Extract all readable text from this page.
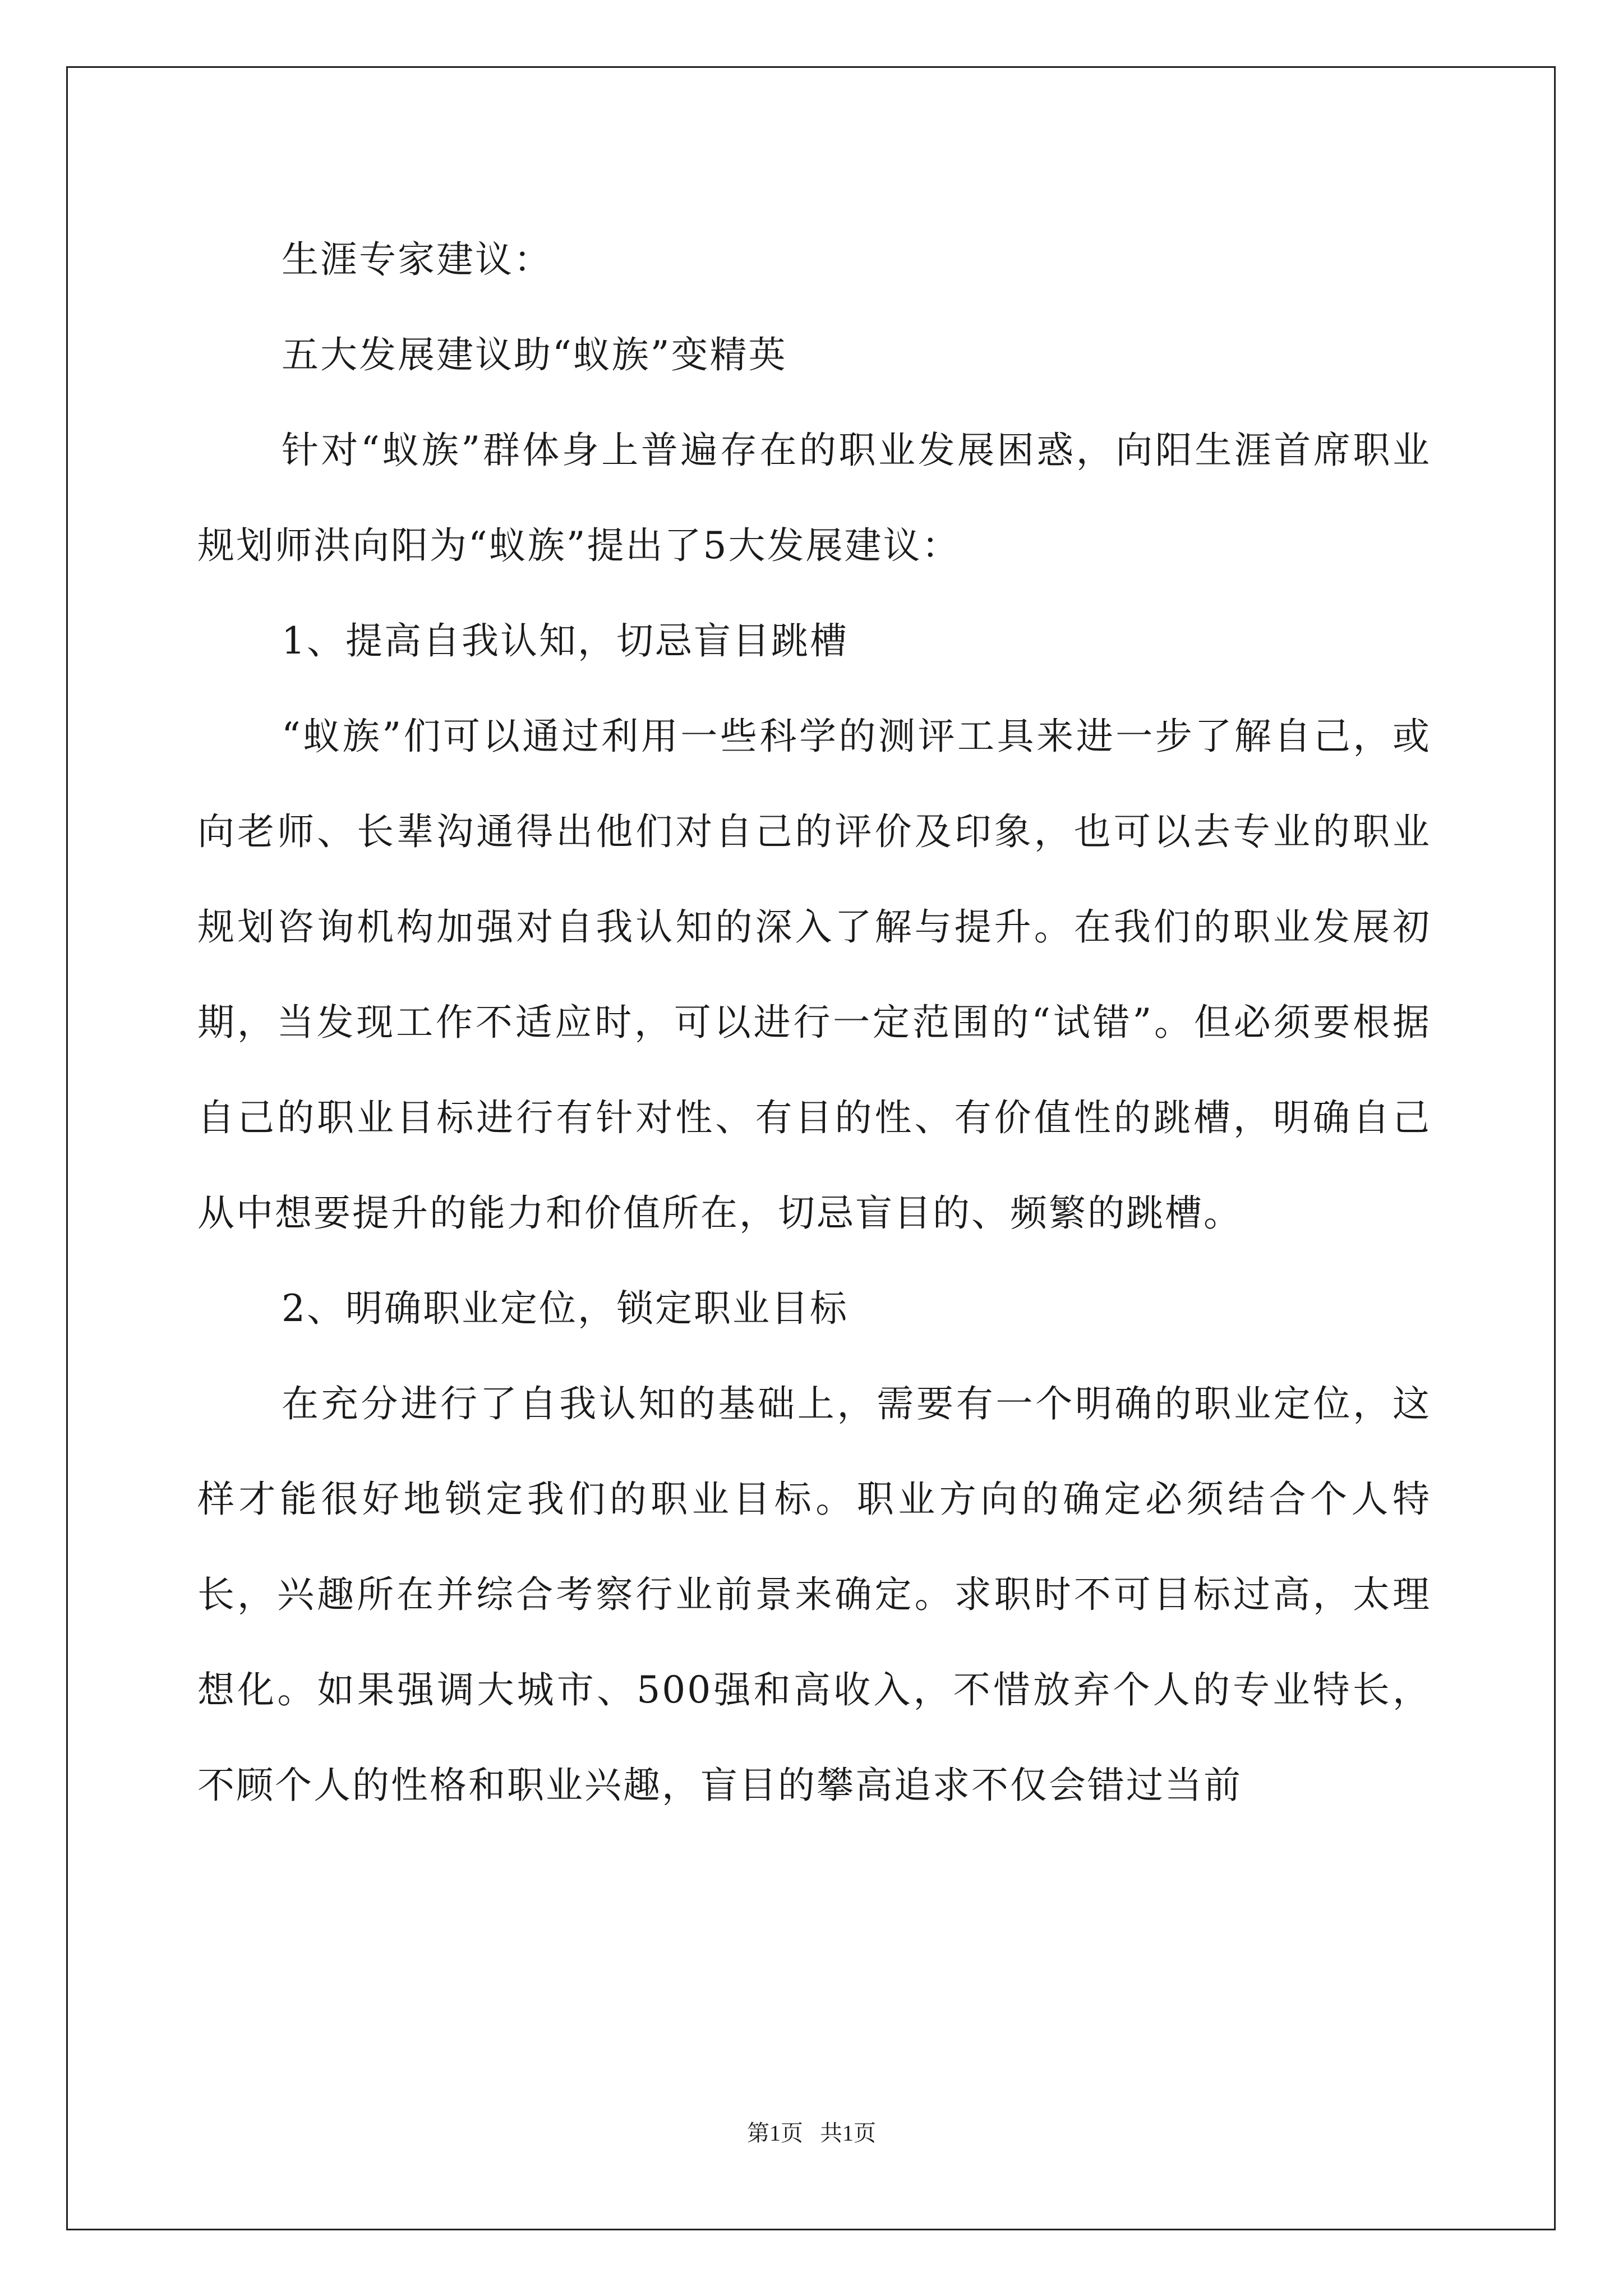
生涯专家建议：

五大发展建议助“蚁族”变精英

针对“蚁族”群体身上普遍存在的职业发展困惑，向阳生涯首席职业规划师洪向阳为“蚁族”提出了5大发展建议：

1、提高自我认知，切忌盲目跳槽

“蚁族”们可以通过利用一些科学的测评工具来进一步了解自己，或向老师、长辈沟通得出他们对自己的评价及印象，也可以去专业的职业规划咨询机构加强对自我认知的深入了解与提升。在我们的职业发展初期，当发现工作不适应时，可以进行一定范围的“试错”。但必须要根据自己的职业目标进行有针对性、有目的性、有价值性的跳槽，明确自己从中想要提升的能力和价值所在，切忌盲目的、频繁的跳槽。

2、明确职业定位，锁定职业目标

在充分进行了自我认知的基础上，需要有一个明确的职业定位，这样才能很好地锁定我们的职业目标。职业方向的确定必须结合个人特长，兴趣所在并综合考察行业前景来确定。求职时不可目标过高，太理想化。如果强调大城市、500强和高收入，不惜放弃个人的专业特长，不顾个人的性格和职业兴趣，盲目的攀高追求不仅会错过当前

第1页 共1页
